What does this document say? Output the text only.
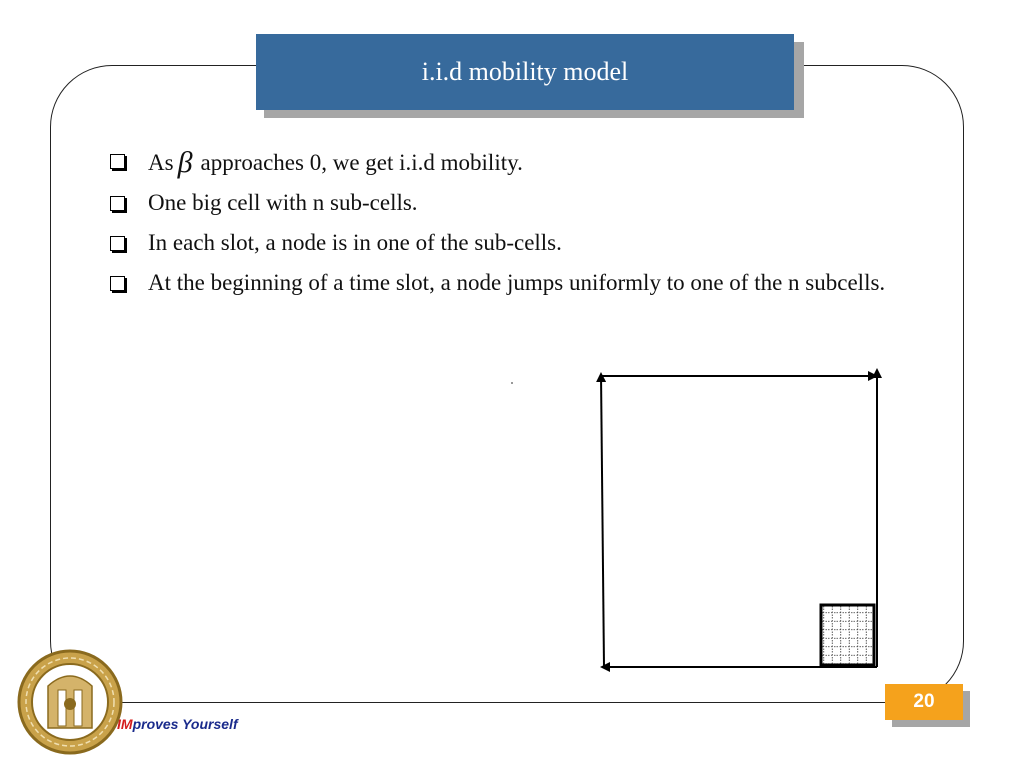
i.i.d mobility model
As β approaches 0, we get i.i.d mobility.
One big cell with n sub-cells.
In each slot, a node is in one of the sub-cells.
At the beginning of a time slot, a node jumps uniformly to one of the n subcells.
20
IMproves Yourself
